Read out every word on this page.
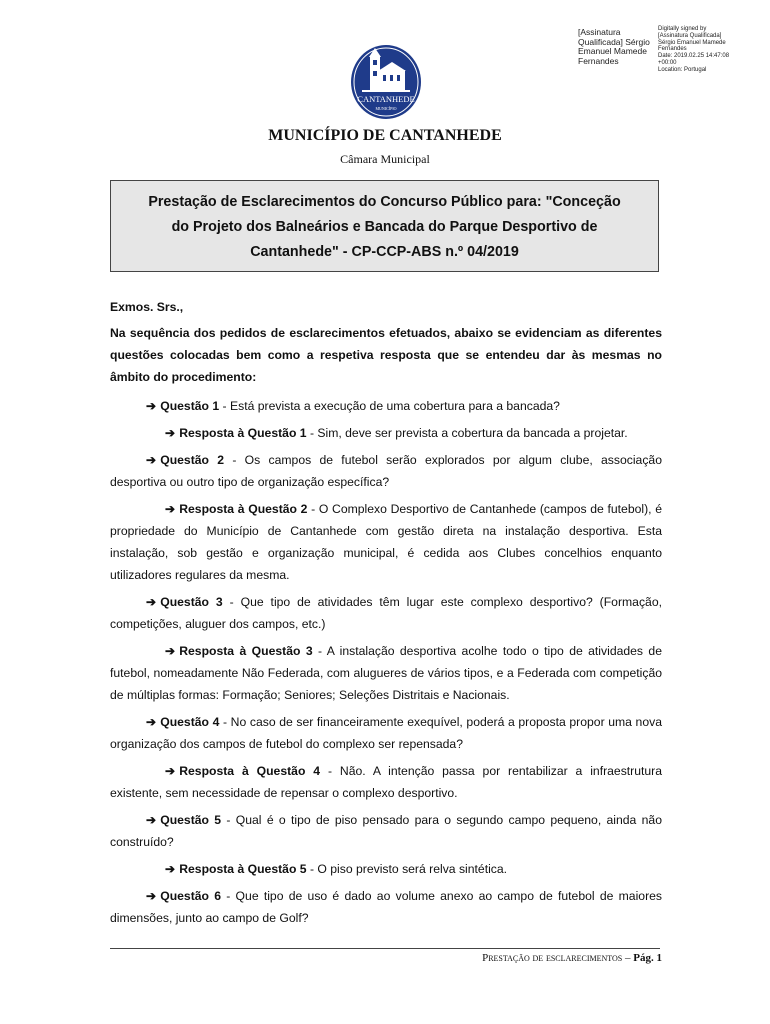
[Assinatura
Qualificada] Sérgio
Emanuel Mamede
Fernandes
Digitally signed by
[Assinatura Qualificada]
Sérgio Emanuel Mamede
Fernandes
Date: 2019.02.25 14:47:08
+00:00
Location: Portugal
CANTANHEDE
MUNICÍPIO
MUNICÍPIO DE CANTANHEDE
Câmara Municipal
Prestação de Esclarecimentos do Concurso Público para: "Conceção
do Projeto dos Balneários e Bancada do Parque Desportivo de
Cantanhede" - CP-CCP-ABS n.º 04/2019
Exmos. Srs.,
Na sequência dos pedidos de esclarecimentos efetuados, abaixo se evidenciam as diferentes questões colocadas bem como a respetiva resposta que se entendeu dar às mesmas no âmbito do procedimento:
➔ Questão 1 - Está prevista a execução de uma cobertura para a bancada?
➔ Resposta à Questão 1 - Sim, deve ser prevista a cobertura da bancada a projetar.
➔ Questão 2 - Os campos de futebol serão explorados por algum clube, associação desportiva ou outro tipo de organização específica?
➔ Resposta à Questão 2 - O Complexo Desportivo de Cantanhede (campos de futebol), é propriedade do Município de Cantanhede com gestão direta na instalação desportiva. Esta instalação, sob gestão e organização municipal, é cedida aos Clubes concelhios enquanto utilizadores regulares da mesma.
➔ Questão 3 - Que tipo de atividades têm lugar este complexo desportivo? (Formação, competições, aluguer dos campos, etc.)
➔ Resposta à Questão 3 - A instalação desportiva acolhe todo o tipo de atividades de futebol, nomeadamente Não Federada, com alugueres de vários tipos, e a Federada com competição de múltiplas formas: Formação; Seniores; Seleções Distritais e Nacionais.
➔ Questão 4 - No caso de ser financeiramente exequível, poderá a proposta propor uma nova organização dos campos de futebol do complexo ser repensada?
➔ Resposta à Questão 4 - Não. A intenção passa por rentabilizar a infraestrutura existente, sem necessidade de repensar o complexo desportivo.
➔ Questão 5 - Qual é o tipo de piso pensado para o segundo campo pequeno, ainda não construído?
➔ Resposta à Questão 5 - O piso previsto será relva sintética.
➔ Questão 6 - Que tipo de uso é dado ao volume anexo ao campo de futebol de maiores dimensões, junto ao campo de Golf?
Prestação de esclarecimentos – Pág. 1
